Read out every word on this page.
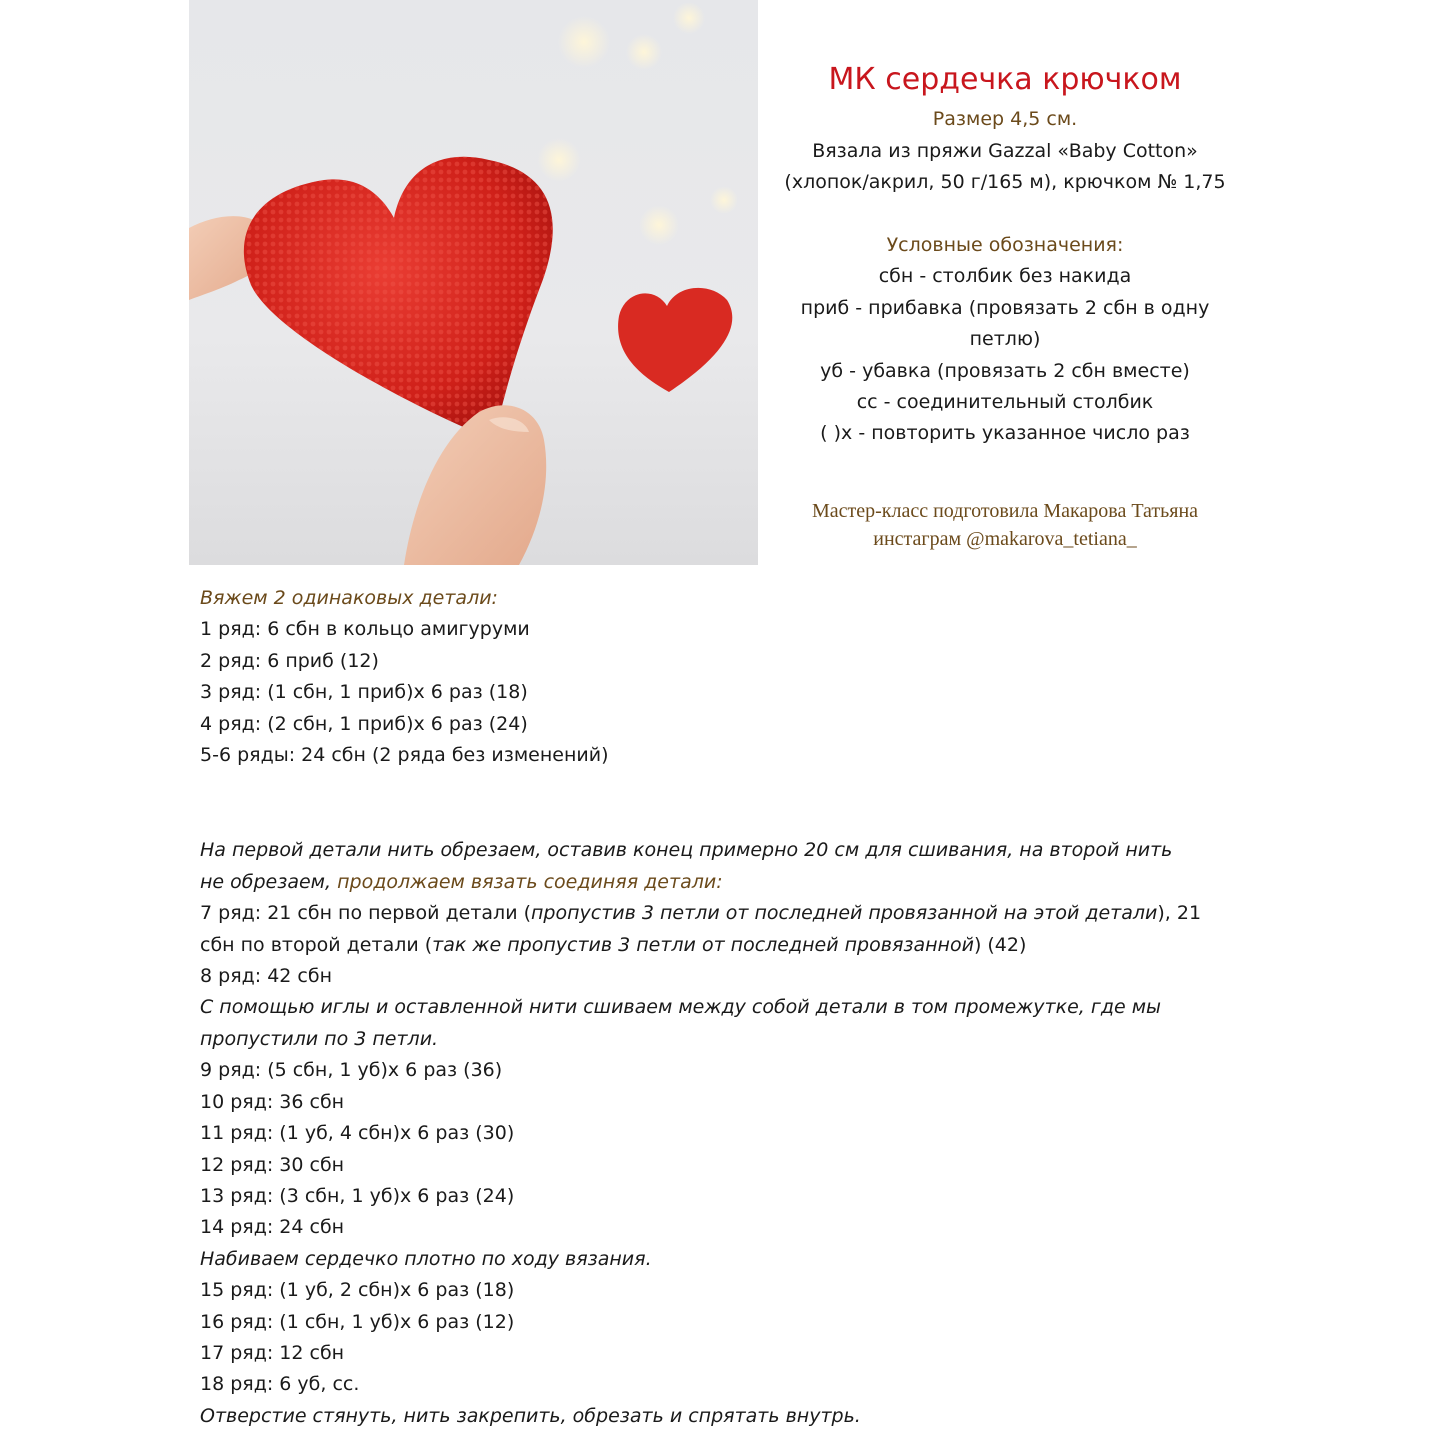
МК сердечка крючком
Размер 4,5 см.
Вязала из пряжи Gazzal «Baby Cotton»
(хлопок/акрил, 50 г/165 м), крючком № 1,75
Условные обозначения:
сбн - столбик без накида
приб - прибавка (провязать 2 сбн в одну
петлю)
уб - убавка (провязать 2 сбн вместе)
сс - соединительный столбик
( )х - повторить указанное число раз
Мастер-класс подготовила Макарова Татьяна
инстаграм @makarova_tetiana_

Вяжем 2 одинаковых детали:

1 ряд: 6 сбн в кольцо амигуруми

2 ряд: 6 приб (12)

3 ряд: (1 сбн, 1 приб)х 6 раз (18)

4 ряд: (2 сбн, 1 приб)х 6 раз (24)

5-6 ряды: 24 сбн (2 ряда без изменений)

На первой детали нить обрезаем, оставив конец примерно 20 см для сшивания, на второй нить

не обрезаем, продолжаем вязать соединяя детали:

7 ряд: 21 сбн по первой детали (пропустив 3 петли от последней провязанной на этой детали), 21

сбн по второй детали (так же пропустив 3 петли от последней провязанной) (42)

8 ряд: 42 сбн

С помощью иглы и оставленной нити сшиваем между собой детали в том промежутке, где мы

пропустили по 3 петли.

9 ряд: (5 сбн, 1 уб)х 6 раз (36)

10 ряд: 36 сбн

11 ряд: (1 уб, 4 сбн)х 6 раз (30)

12 ряд: 30 сбн

13 ряд: (3 сбн, 1 уб)х 6 раз (24)

14 ряд: 24 сбн

Набиваем сердечко плотно по ходу вязания.

15 ряд: (1 уб, 2 сбн)х 6 раз (18)

16 ряд: (1 сбн, 1 уб)х 6 раз (12)

17 ряд: 12 сбн

18 ряд: 6 уб, сс.

Отверстие стянуть, нить закрепить, обрезать и спрятать внутрь.
